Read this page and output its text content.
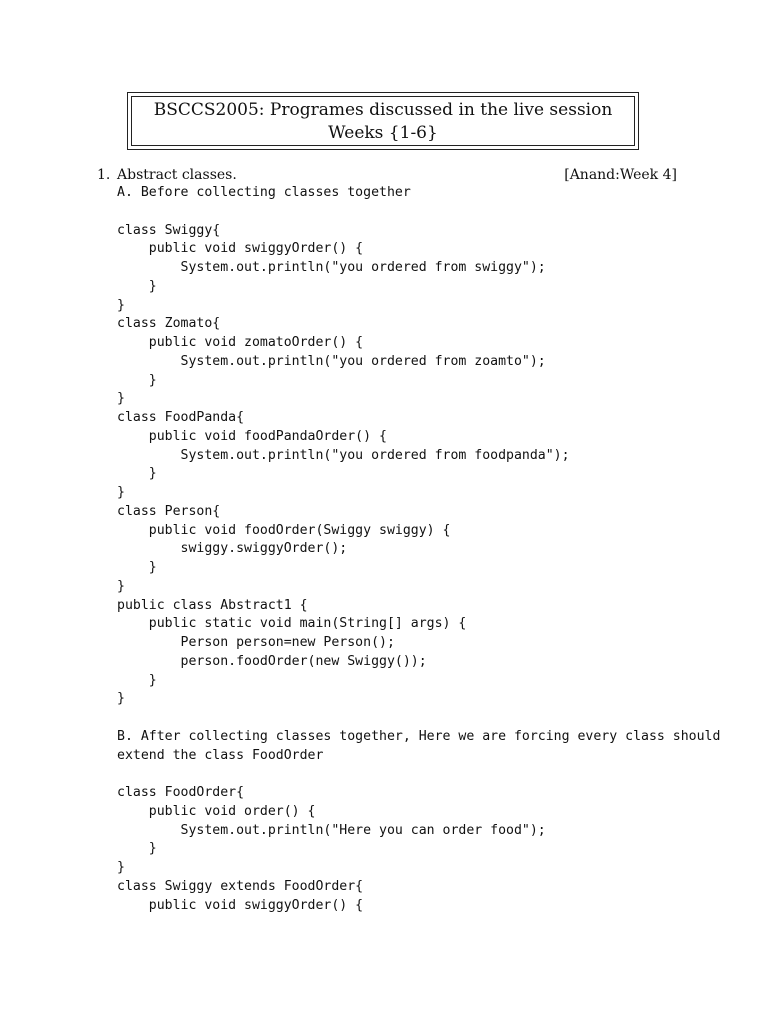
BSCCS2005: Programes discussed in the live session
Weeks {1-6}
1. Abstract classes.	[Anand:Week 4]
A. Before collecting classes together
class Swiggy{
public void swiggyOrder() {
System.out.println("you ordered from swiggy");
}
}
class Zomato{
public void zomatoOrder() {
System.out.println("you ordered from zoamto");
}
}
class FoodPanda{
public void foodPandaOrder() {
System.out.println("you ordered from foodpanda");
}
}
class Person{
public void foodOrder(Swiggy swiggy) {
swiggy.swiggyOrder();
}
}
public class Abstract1 {
public static void main(String[] args) {
Person person=new Person();
person.foodOrder(new Swiggy());
}
}
B. After collecting classes together, Here we are forcing every class should
extend the class FoodOrder
class FoodOrder{
public void order() {
System.out.println("Here you can order food");
}
}
class Swiggy extends FoodOrder{
public void swiggyOrder() {
